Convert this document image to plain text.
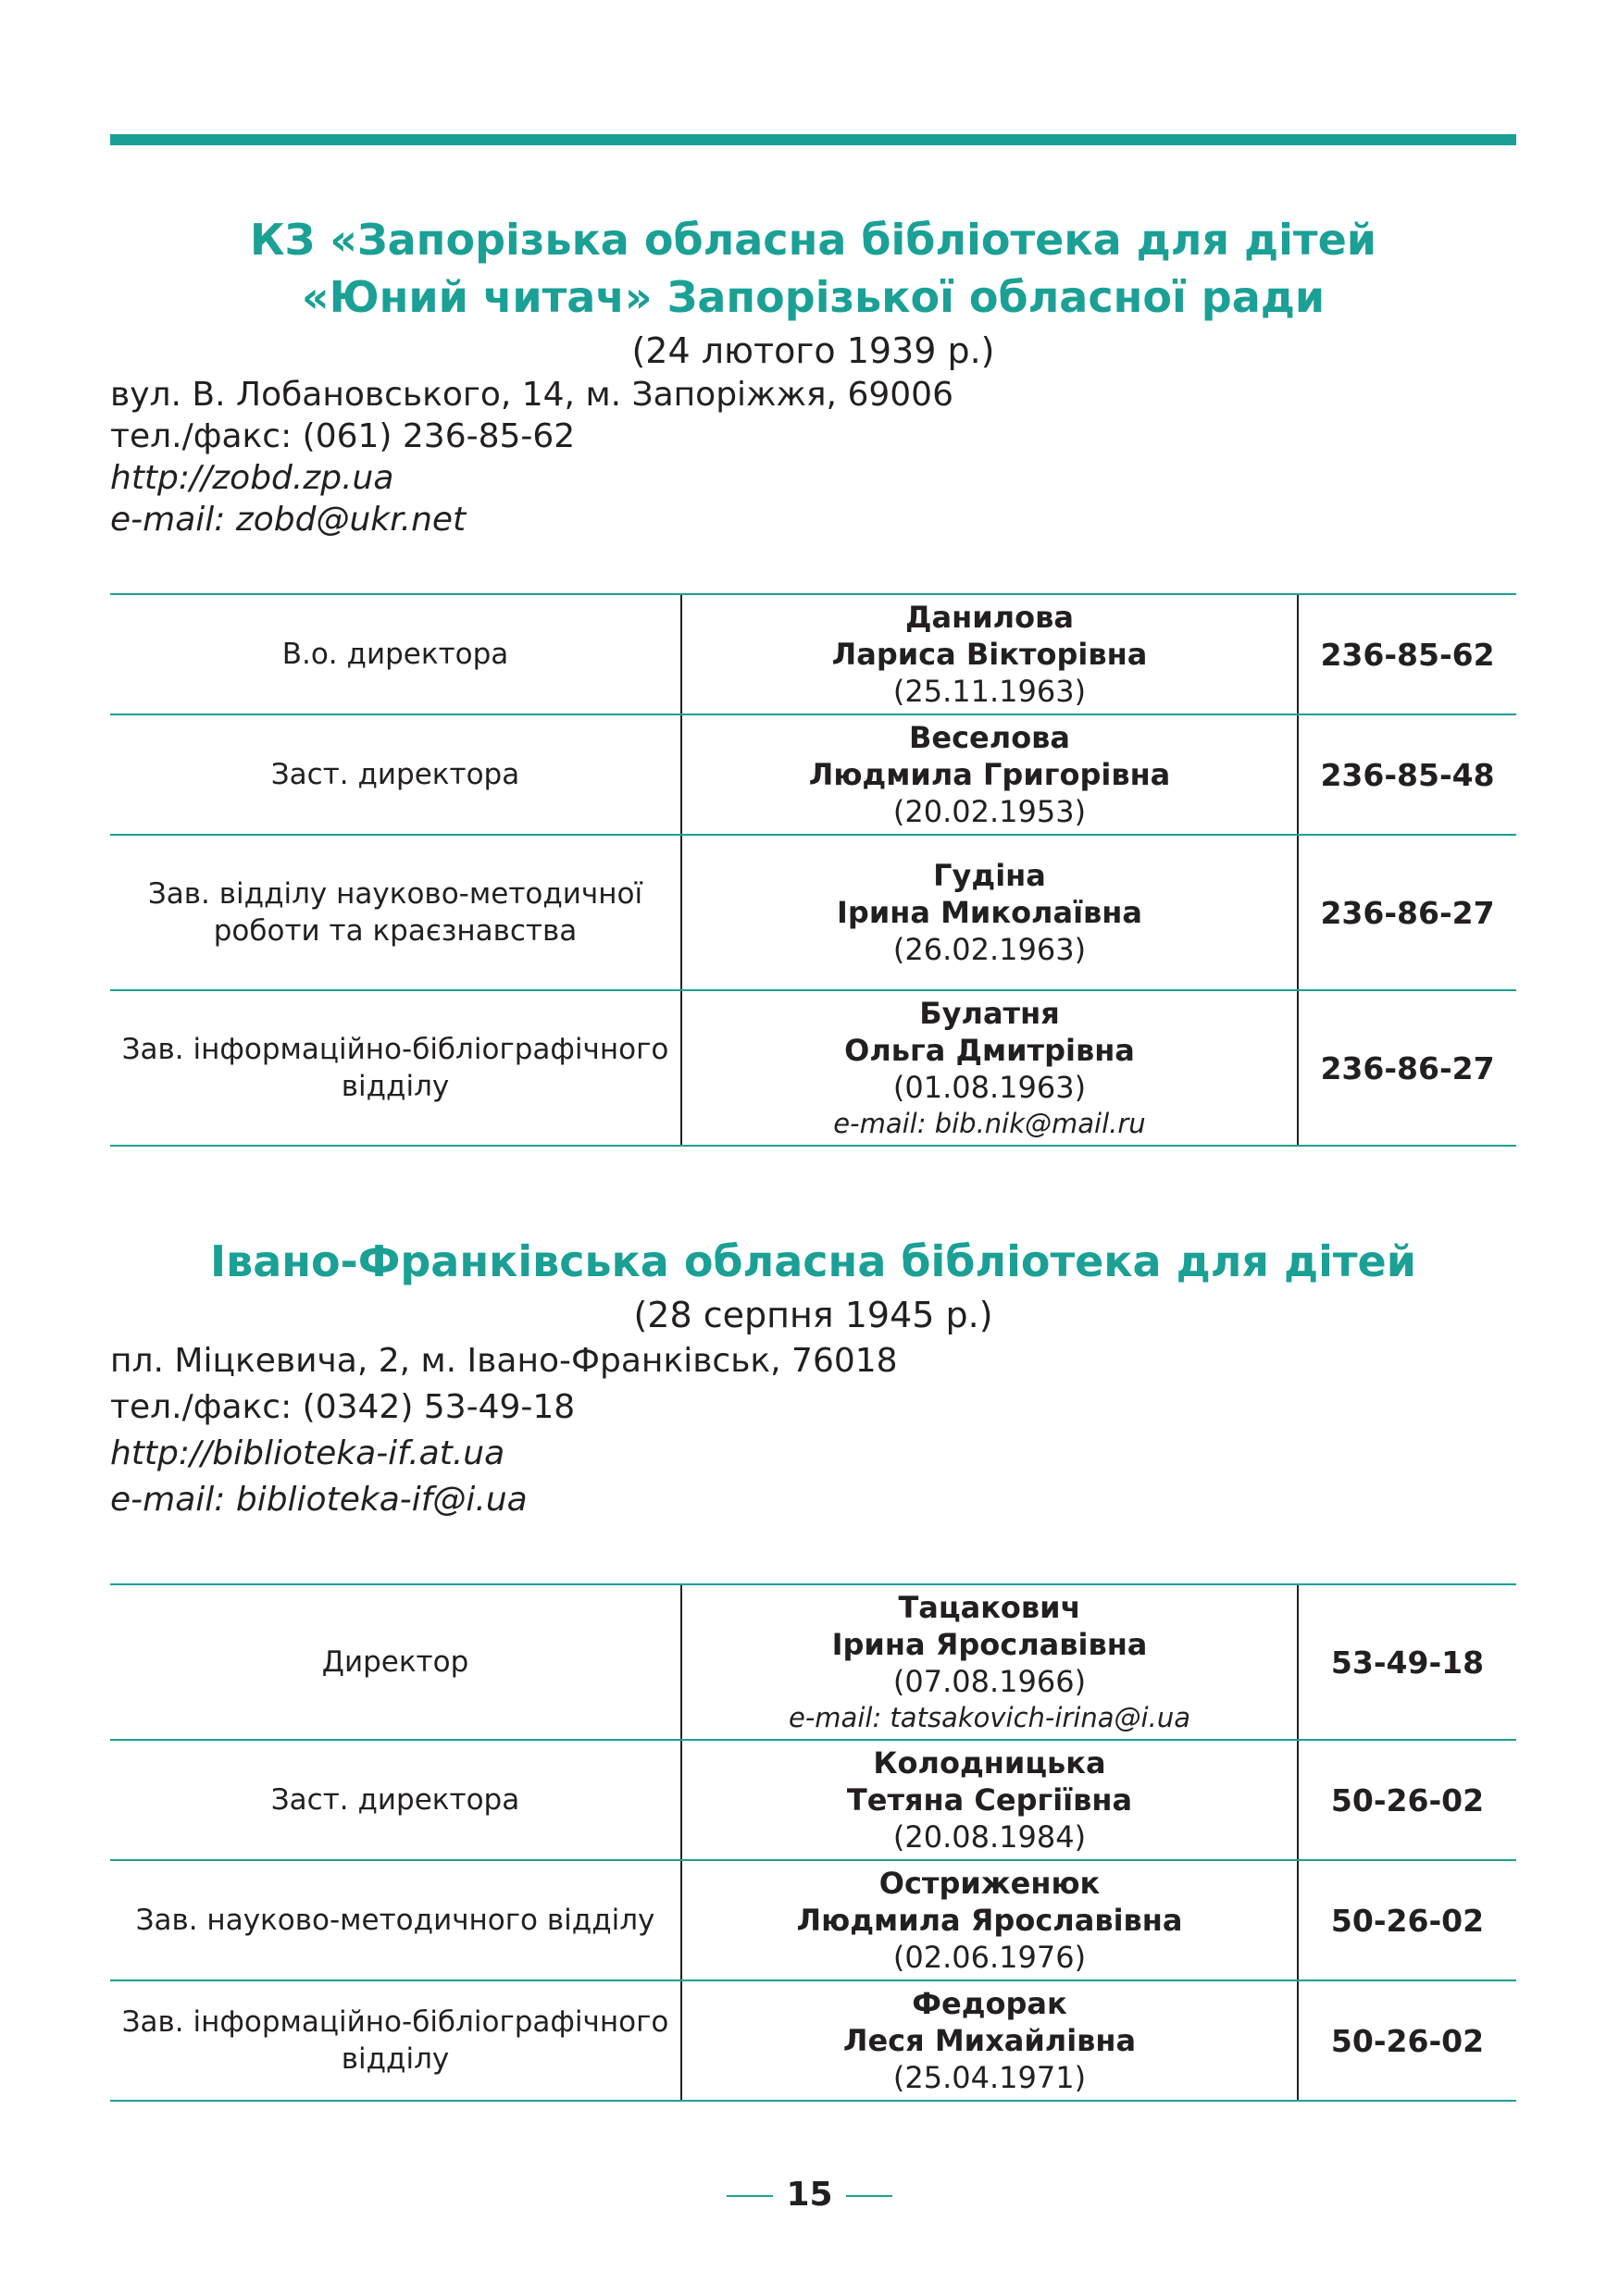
КЗ «Запорізька обласна бібліотека для дітей
«Юний читач» Запорізької обласної ради
(24 лютого 1939 р.)
вул. В. Лобановського, 14, м. Запоріжжя, 69006
тел./факс: (061) 236-85-62
http://zobd.zp.ua
e-mail: zobd@ukr.net
В.о. директора	Данилова
Лариса Вікторівна
(25.11.1963)	236-85-62
Заст. директора	Веселова
Людмила Григорівна
(20.02.1953)	236-85-48
Зав. відділу науково-методичної роботи та краєзнавства	Гудіна
Ірина Миколаївна
(26.02.1963)	236-86-27
Зав. інформаційно-бібліографічного відділу	Булатня
Ольга Дмитрівна
(01.08.1963)
e-mail: bib.nik@mail.ru	236-86-27
Івано-Франківська обласна бібліотека для дітей
(28 серпня 1945 р.)
пл. Міцкевича, 2, м. Івано-Франківськ, 76018
тел./факс: (0342) 53-49-18
http://biblioteka-if.at.ua
e-mail: biblioteka-if@i.ua
Директор	Тацакович
Ірина Ярославівна
(07.08.1966)
e-mail: tatsakovich-irina@i.ua	53-49-18
Заст. директора	Колодницька
Тетяна Сергіївна
(20.08.1984)	50-26-02
Зав. науково-методичного відділу	Остриженюк
Людмила Ярославівна
(02.06.1976)	50-26-02
Зав. інформаційно-бібліографічного відділу	Федорак
Леся Михайлівна
(25.04.1971)	50-26-02
15
